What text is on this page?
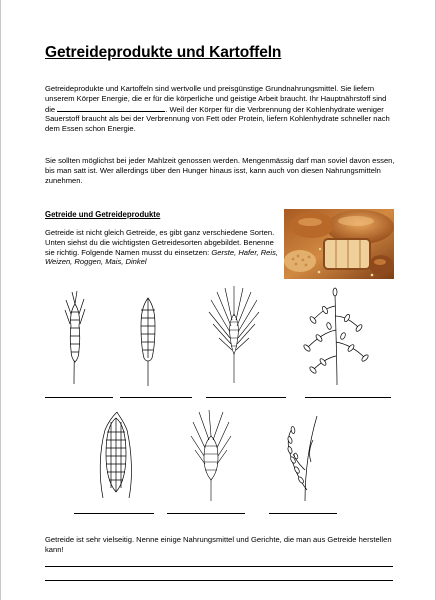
Getreideprodukte und Kartoffeln

Getreideprodukte und Kartoffeln sind wertvolle und preisgünstige Grundnahrungsmittel. Sie liefern unserem Körper Energie, die er für die körperliche und geistige Arbeit braucht. Ihr Hauptnährstoff sind die	. Weil der Körper für die Verbrennung der Kohlenhydrate weniger Sauerstoff braucht als bei der Verbrennung von Fett oder Protein, liefern Kohlenhydrate schneller nach dem Essen schon Energie.

Sie sollten möglichst bei jeder Mahlzeit genossen werden. Mengenmässig darf man soviel davon essen, bis man satt ist. Wer allerdings über den Hunger hinaus isst, kann auch von diesen Nahrungsmitteln zunehmen.

Getreide und Getreideprodukte

Getreide ist nicht gleich Getreide, es gibt ganz verschiedene Sorten. Unten siehst du die wichtigsten Getreidesorten abgebildet. Benenne sie richtig. Folgende Namen musst du einsetzen: Gerste, Hafer, Reis, Weizen, Roggen, Mais, Dinkel

Getreide ist sehr vielseitig. Nenne einige Nahrungsmittel und Gerichte, die man aus Getreide herstellen kann!
